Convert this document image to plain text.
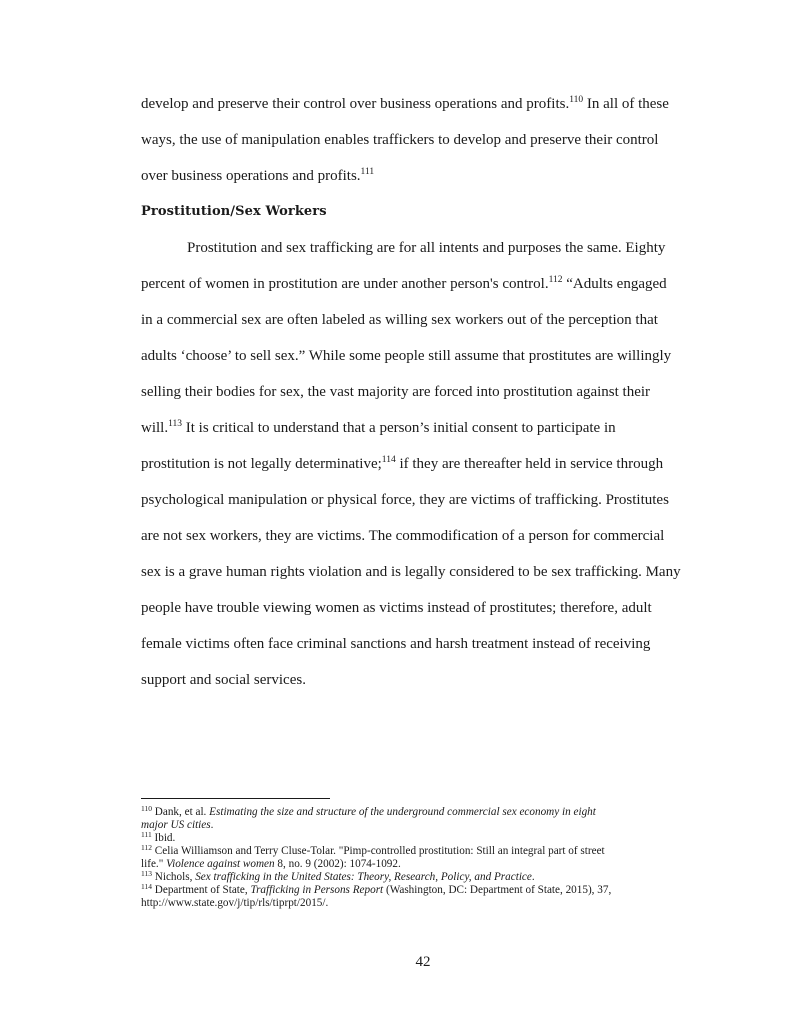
develop and preserve their control over business operations and profits.$^{110}$ In all of these
ways, the use of manipulation enables traffickers to develop and preserve their control
over business operations and profits.$^{111}$
Prostitution/Sex Workers
Prostitution and sex trafficking are for all intents and purposes the same. Eighty
percent of women in prostitution are under another person's control.$^{112}$ “Adults engaged
in a commercial sex are often labeled as willing sex workers out of the perception that
adults ‘choose’ to sell sex.” While some people still assume that prostitutes are willingly
selling their bodies for sex, the vast majority are forced into prostitution against their
will.$^{113}$ It is critical to understand that a person’s initial consent to participate in
prostitution is not legally determinative;$^{114}$ if they are thereafter held in service through
psychological manipulation or physical force, they are victims of trafficking. Prostitutes
are not sex workers, they are victims. The commodification of a person for commercial
sex is a grave human rights violation and is legally considered to be sex trafficking. Many
people have trouble viewing women as victims instead of prostitutes; therefore, adult
female victims often face criminal sanctions and harsh treatment instead of receiving
support and social services.
$^{110}$ Dank, et al. Estimating the size and structure of the underground commercial sex economy in eight
major US cities.
$^{111}$ Ibid.
$^{112}$ Celia Williamson and Terry Cluse-Tolar. "Pimp-controlled prostitution: Still an integral part of street
life." Violence against women 8, no. 9 (2002): 1074-1092.
$^{113}$ Nichols, Sex trafficking in the United States: Theory, Research, Policy, and Practice.
$^{114}$ Department of State, Trafficking in Persons Report (Washington, DC: Department of State, 2015), 37,
http://www.state.gov/j/tip/rls/tiprpt/2015/.
42
